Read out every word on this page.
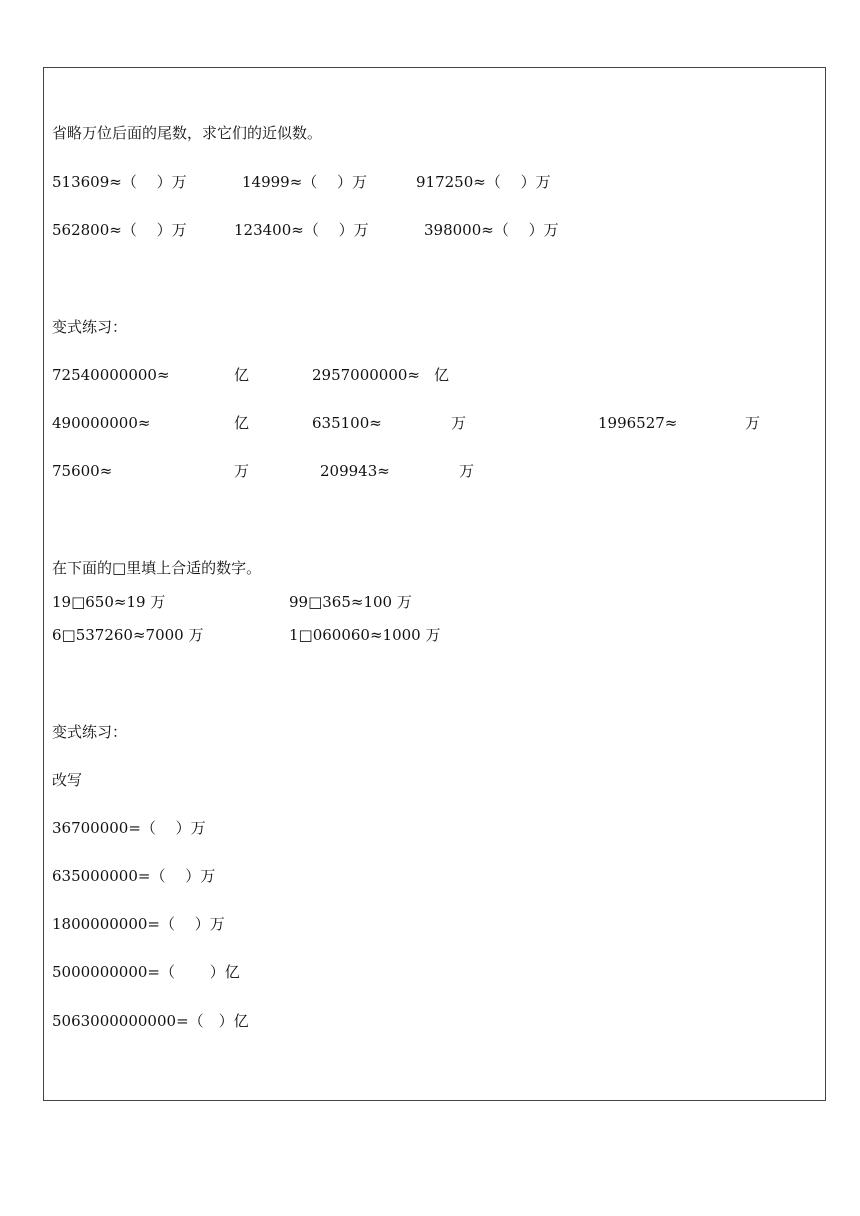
省略万位后面的尾数，求它们的近似数。
513609≈（　 ）万	14999≈（　 ）万	917250≈（　 ）万
562800≈（　 ）万	123400≈（　 ）万	398000≈（　 ）万
变式练习：
72540000000≈	亿	2957000000≈ 亿
490000000≈	亿	635100≈	万	1996527≈	万
75600≈	万	209943≈	万
在下面的□里填上合适的数字。
19□650≈19 万	99□365≈100 万
6□537260≈7000 万	1□060060≈1000 万
变式练习：
改写
36700000=（　 ）万
635000000=（　 ）万
1800000000=（　 ）万
5000000000=（　　 ）亿
5063000000000=（　）亿
